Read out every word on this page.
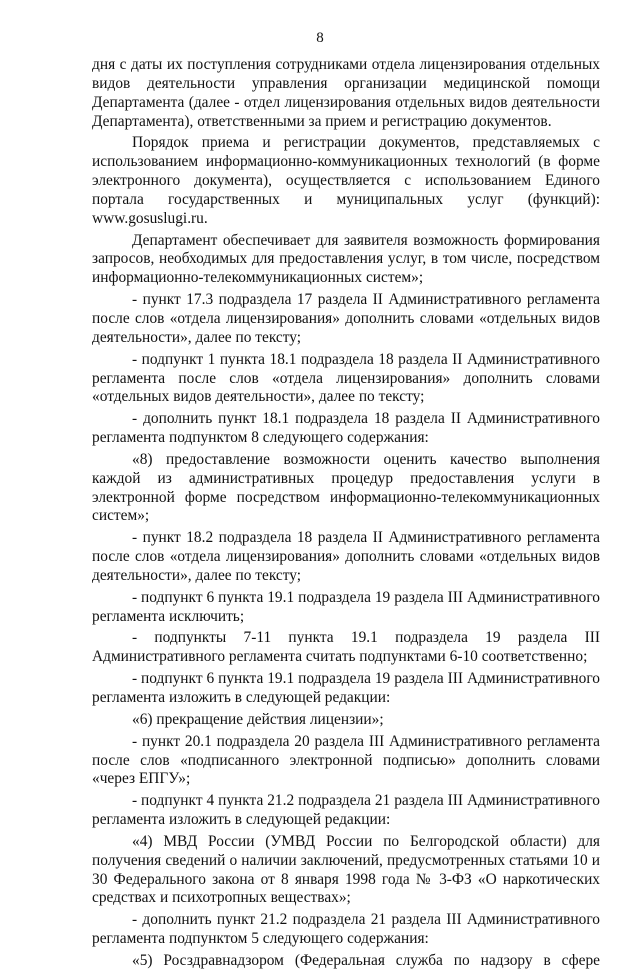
8

дня с даты их поступления сотрудниками отдела лицензирования отдельных видов деятельности управления организации медицинской помощи Департамента (далее - отдел лицензирования отдельных видов деятельности Департамента), ответственными за прием и регистрацию документов.

Порядок приема и регистрации документов, представляемых с использованием информационно-коммуникационных технологий (в форме электронного документа), осуществляется с использованием Единого портала государственных и муниципальных услуг (функций): www.gosuslugi.ru.

Департамент обеспечивает для заявителя возможность формирования запросов, необходимых для предоставления услуг, в том числе, посредством информационно-телекоммуникационных систем»;

- пункт 17.3 подраздела 17 раздела II Административного регламента после слов «отдела лицензирования» дополнить словами «отдельных видов деятельности», далее по тексту;

- подпункт 1 пункта 18.1 подраздела 18 раздела II Административного регламента после слов «отдела лицензирования» дополнить словами «отдельных видов деятельности», далее по тексту;

- дополнить пункт 18.1 подраздела 18 раздела II Административного регламента подпунктом 8 следующего содержания:

«8) предоставление возможности оценить качество выполнения каждой из административных процедур предоставления услуги в электронной форме посредством информационно-телекоммуникационных систем»;

- пункт 18.2 подраздела 18 раздела II Административного регламента после слов «отдела лицензирования» дополнить словами «отдельных видов деятельности», далее по тексту;

- подпункт 6 пункта 19.1 подраздела 19 раздела III Административного регламента исключить;

- подпункты 7-11 пункта 19.1 подраздела 19 раздела III Административного регламента считать подпунктами 6-10 соответственно;

- подпункт 6 пункта 19.1 подраздела 19 раздела III Административного регламента изложить в следующей редакции:

«6) прекращение действия лицензии»;

- пункт 20.1 подраздела 20 раздела III Административного регламента после слов «подписанного электронной подписью» дополнить словами «через ЕПГУ»;

- подпункт 4 пункта 21.2 подраздела 21 раздела III Административного регламента изложить в следующей редакции:

«4) МВД России (УМВД России по Белгородской области) для получения сведений о наличии заключений, предусмотренных статьями 10 и 30 Федерального закона от 8 января 1998 года № 3-ФЗ «О наркотических средствах и психотропных веществах»;

- дополнить пункт 21.2 подраздела 21 раздела III Административного регламента подпунктом 5 следующего содержания:

«5) Росздравнадзором (Федеральная служба по надзору в сфере
